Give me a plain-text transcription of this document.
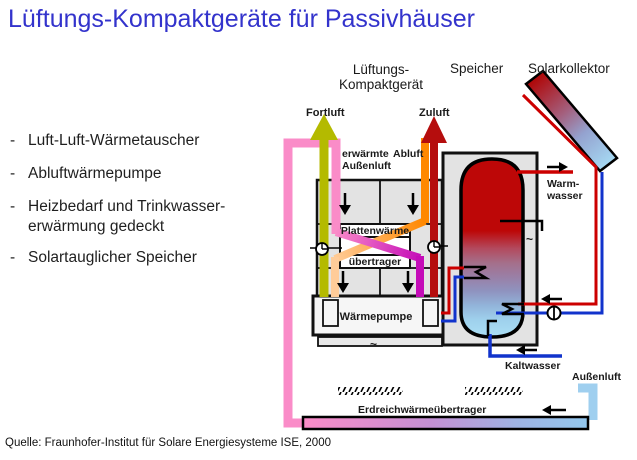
Lüftungs-Kompaktgeräte für Passivhäuser
- Luft-Luft-Wärmetauscher
- Abluftwärmepumpe
- Heizbedarf und Trinkwasser-
erwärmung gedeckt
- Solartauglicher Speicher
Lüftungs-
Kompaktgerät
Speicher Solarkollektor
Fortluft	Zuluft
erwärmte
Außenluft
Abluft
Plattenwärme
übertrager
Wärmepumpe
Warm-
wasser
Kaltwasser
Außenluft
Erdreichwärmeübertrager
~
~
Quelle: Fraunhofer-Institut für Solare Energiesysteme ISE, 2000
